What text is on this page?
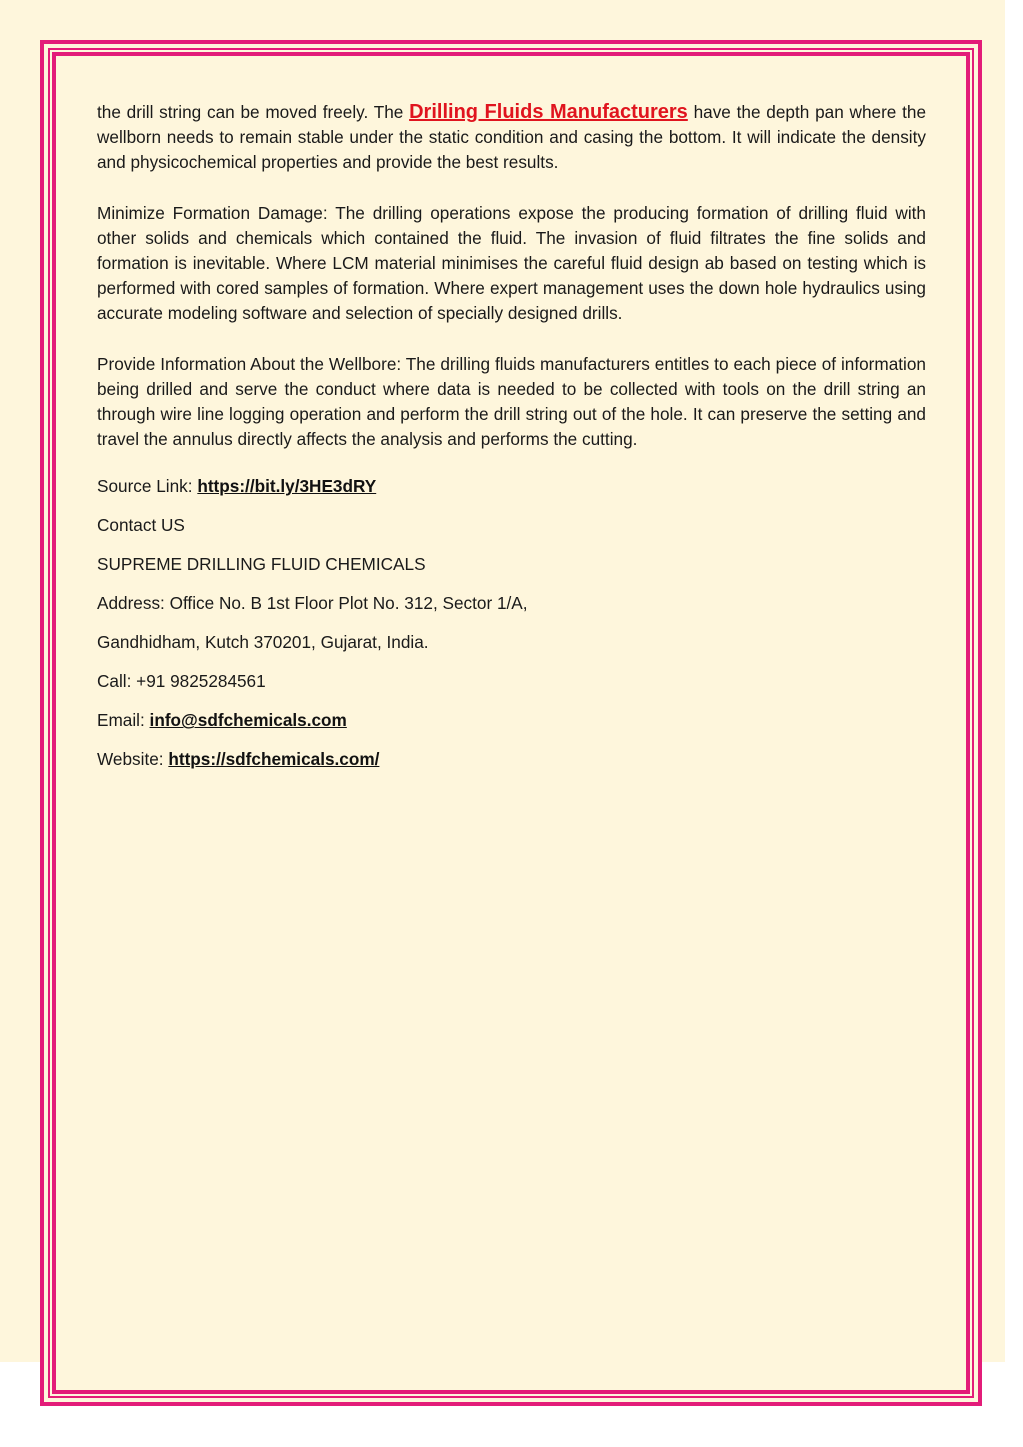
the drill string can be moved freely. The Drilling Fluids Manufacturers have the depth pan where the wellborn needs to remain stable under the static condition and casing the bottom. It will indicate the density and physicochemical properties and provide the best results.

Minimize Formation Damage: The drilling operations expose the producing formation of drilling fluid with other solids and chemicals which contained the fluid. The invasion of fluid filtrates the fine solids and formation is inevitable. Where LCM material minimises the careful fluid design ab based on testing which is performed with cored samples of formation. Where expert management uses the down hole hydraulics using accurate modeling software and selection of specially designed drills.

Provide Information About the Wellbore: The drilling fluids manufacturers entitles to each piece of information being drilled and serve the conduct where data is needed to be collected with tools on the drill string an through wire line logging operation and perform the drill string out of the hole. It can preserve the setting and travel the annulus directly affects the analysis and performs the cutting.

Source Link: https://bit.ly/3HE3dRY

Contact US

SUPREME DRILLING FLUID CHEMICALS

Address: Office No. B 1st Floor Plot No. 312, Sector 1/A,

Gandhidham, Kutch 370201, Gujarat, India.

Call: +91 9825284561

Email: info@sdfchemicals.com

Website: https://sdfchemicals.com/
